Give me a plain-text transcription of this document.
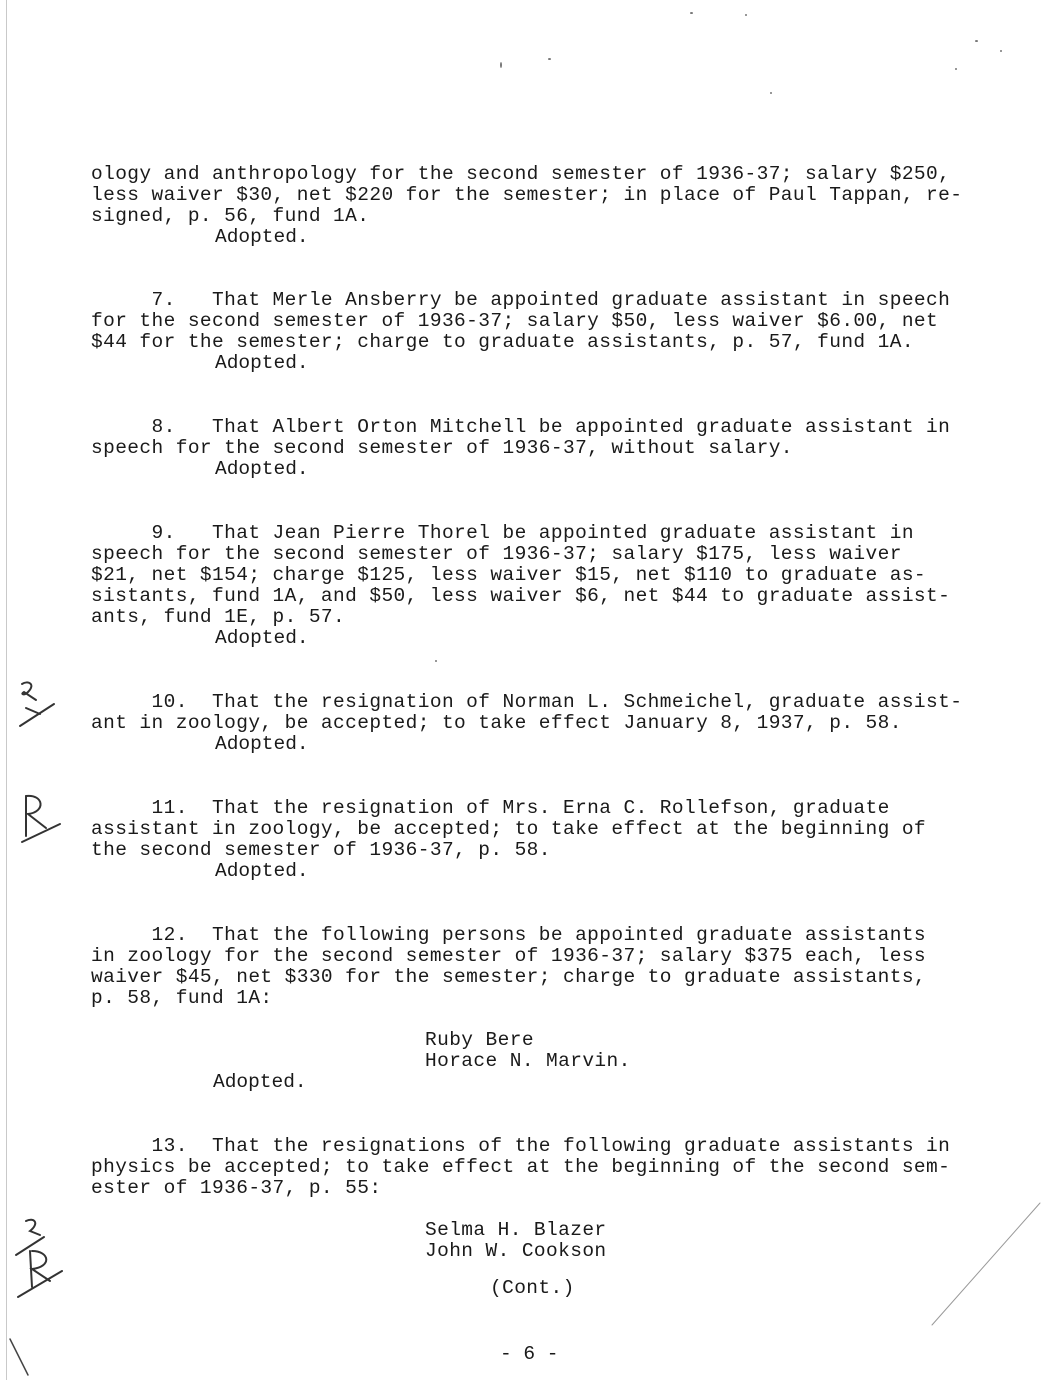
ology and anthropology for the second semester of 1936-37; salary $250,
less waiver $30, net $220 for the semester; in place of Paul Tappan, re-
signed, p. 56, fund 1A.
Adopted.
7.   That Merle Ansberry be appointed graduate assistant in speech
for the second semester of 1936-37; salary $50, less waiver $6.00, net
$44 for the semester; charge to graduate assistants, p. 57, fund 1A.
Adopted.
8.   That Albert Orton Mitchell be appointed graduate assistant in
speech for the second semester of 1936-37, without salary.
Adopted.
9.   That Jean Pierre Thorel be appointed graduate assistant in
speech for the second semester of 1936-37; salary $175, less waiver
$21, net $154; charge $125, less waiver $15, net $110 to graduate as-
sistants, fund 1A, and $50, less waiver $6, net $44 to graduate assist-
ants, fund 1E, p. 57.
Adopted.
10.  That the resignation of Norman L. Schmeichel, graduate assist-
ant in zoology, be accepted; to take effect January 8, 1937, p. 58.
Adopted.
11.  That the resignation of Mrs. Erna C. Rollefson, graduate
assistant in zoology, be accepted; to take effect at the beginning of
the second semester of 1936-37, p. 58.
Adopted.
12.  That the following persons be appointed graduate assistants
in zoology for the second semester of 1936-37; salary $375 each, less
waiver $45, net $330 for the semester; charge to graduate assistants,
p. 58, fund 1A:
Ruby Bere
Horace N. Marvin.
Adopted.
13.  That the resignations of the following graduate assistants in
physics be accepted; to take effect at the beginning of the second sem-
ester of 1936-37, p. 55:
Selma H. Blazer
John W. Cookson
(Cont.)
- 6 -
